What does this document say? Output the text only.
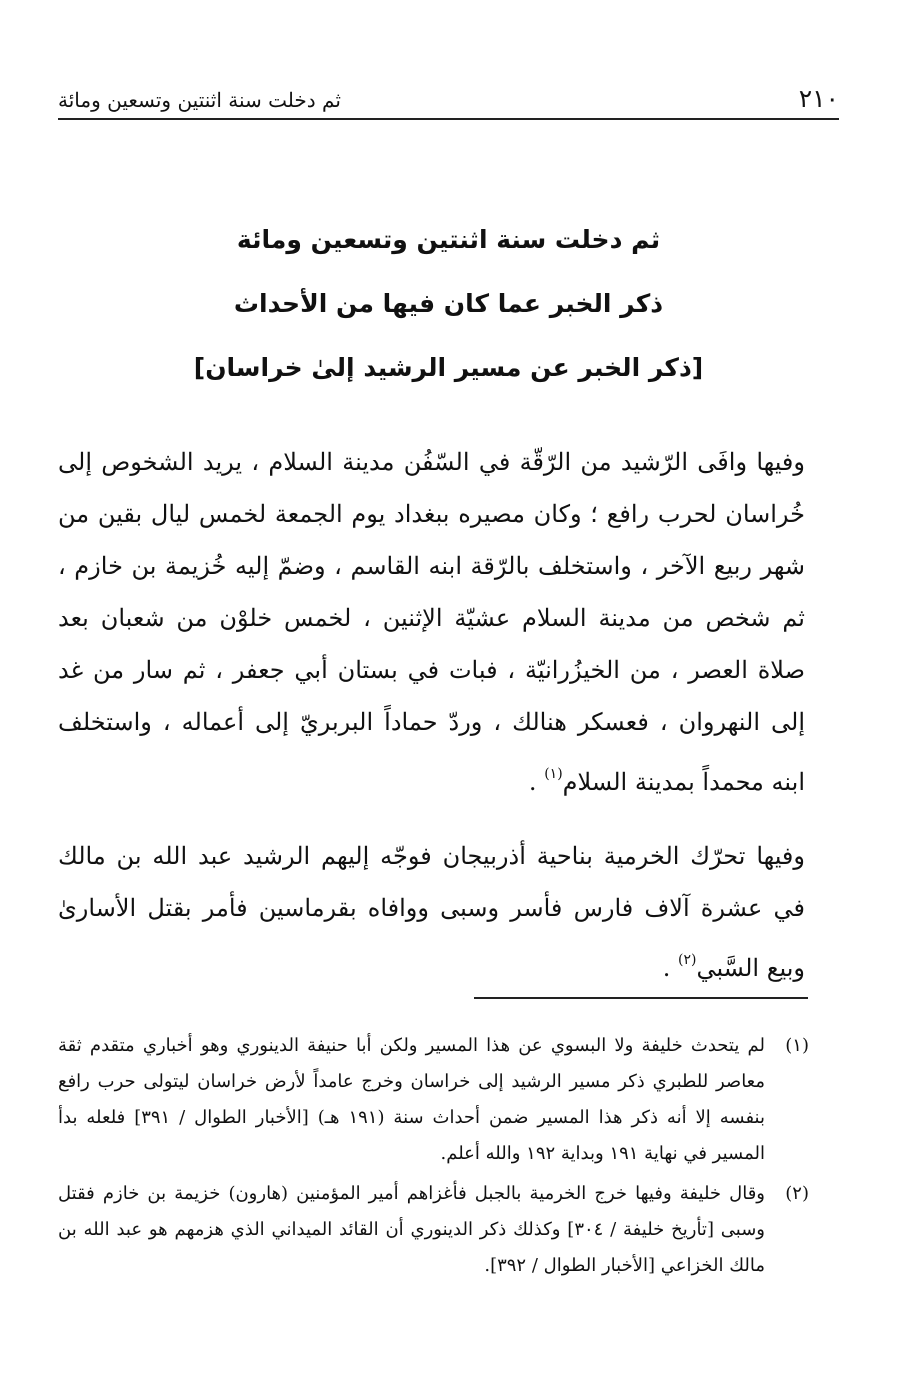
٢١٠
ثم دخلت سنة اثنتين وتسعين ومائة
ثم دخلت سنة اثنتين وتسعين ومائة
ذكر الخبر عما كان فيها من الأحداث
[ذكر الخبر عن مسير الرشيد إلىٰ خراسان]

وفيها وافَى الرّشيد من الرّقّة في السّفُن مدينة السلام ، يريد الشخوص إلى خُراسان لحرب رافع ؛ وكان مصيره ببغداد يوم الجمعة لخمس ليال بقين من شهر ربيع الآخر ، واستخلف بالرّقة ابنه القاسم ، وضمّ إليه خُزيمة بن خازم ، ثم شخص من مدينة السلام عشيّة الإثنين ، لخمس خلوْن من شعبان بعد صلاة العصر ، من الخيزُرانيّة ، فبات في بستان أبي جعفر ، ثم سار من غد إلى النهروان ، فعسكر هنالك ، وردّ حماداً البربريّ إلى أعماله ، واستخلف ابنه محمداً بمدينة السلام$^{(١)}$ .

وفيها تحرّك الخرمية بناحية أذربيجان فوجّه إليهم الرشيد عبد الله بن مالك في عشرة آلاف فارس فأسر وسبى ووافاه بقرماسين فأمر بقتل الأسارىٰ وبيع السَّبي$^{(٢)}$ .

(١)
لم يتحدث خليفة ولا البسوي عن هذا المسير ولكن أبا حنيفة الدينوري وهو أخباري متقدم ثقة معاصر للطبري ذكر مسير الرشيد إلى خراسان وخرج عامداً لأرض خراسان ليتولى حرب رافع بنفسه إلا أنه ذكر هذا المسير ضمن أحداث سنة (١٩١ هـ) [الأخبار الطوال / ٣٩١] فلعله بدأ المسير في نهاية ١٩١ وبداية ١٩٢ والله أعلم.
(٢)
وقال خليفة وفيها خرج الخرمية بالجبل فأغزاهم أمير المؤمنين (هارون) خزيمة بن خازم فقتل وسبى [تأريخ خليفة / ٣٠٤] وكذلك ذكر الدينوري أن القائد الميداني الذي هزمهم هو عبد الله بن مالك الخزاعي [الأخبار الطوال / ٣٩٢].
